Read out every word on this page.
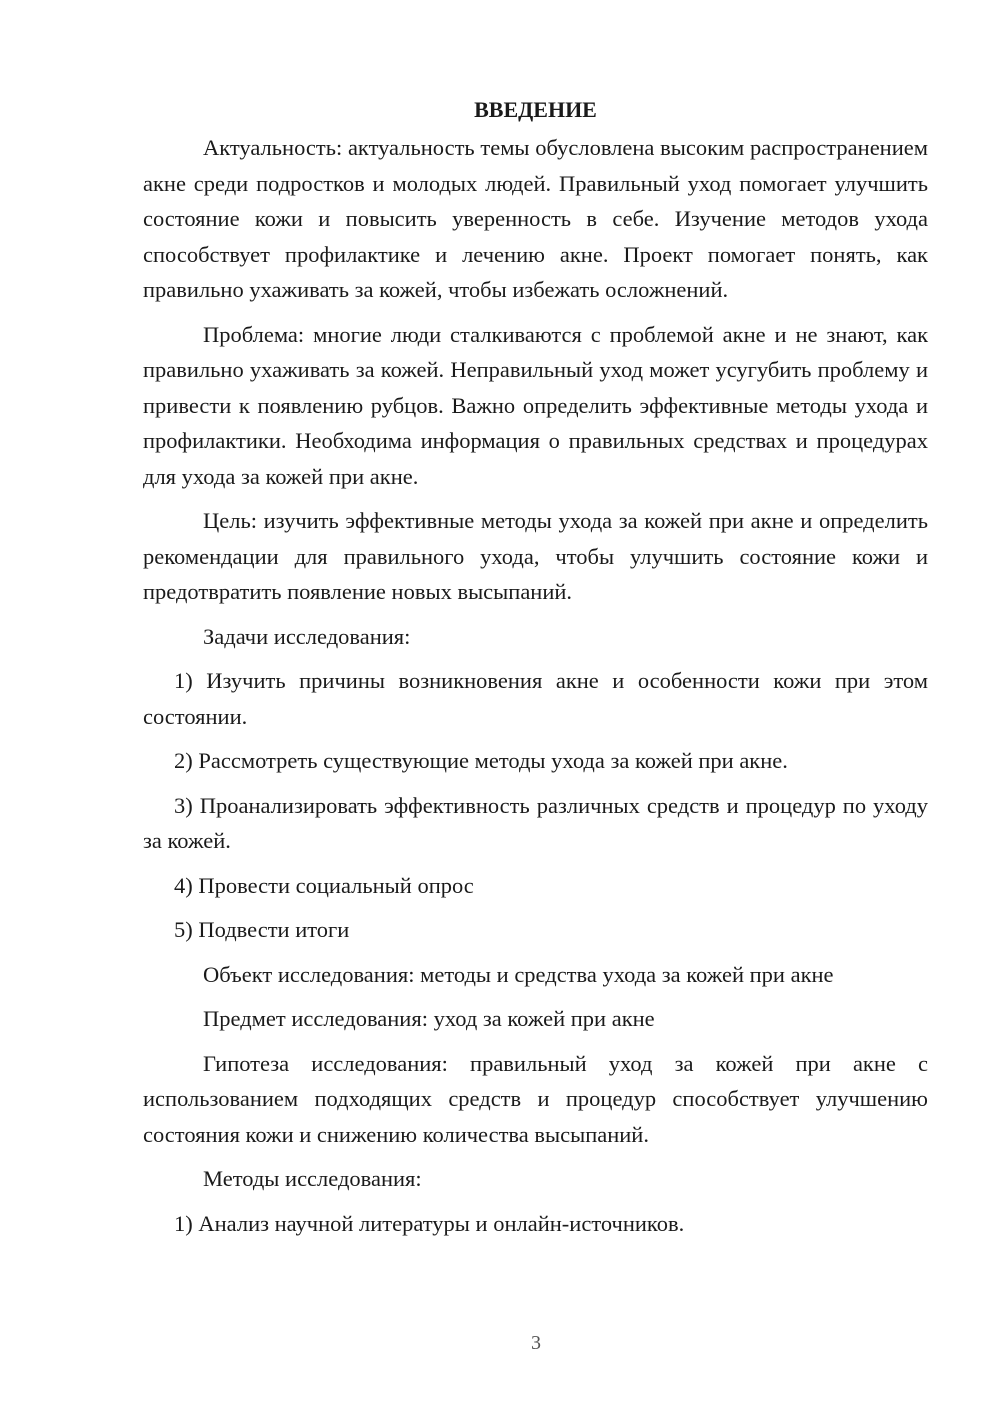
ВВЕДЕНИЕ

Актуальность: актуальность темы обусловлена высоким распространением акне среди подростков и молодых людей. Правильный уход помогает улучшить состояние кожи и повысить уверенность в себе. Изучение методов ухода способствует профилактике и лечению акне. Проект помогает понять, как правильно ухаживать за кожей, чтобы избежать осложнений.

Проблема: многие люди сталкиваются с проблемой акне и не знают, как правильно ухаживать за кожей. Неправильный уход может усугубить проблему и привести к появлению рубцов. Важно определить эффективные методы ухода и профилактики. Необходима информация о правильных средствах и процедурах для ухода за кожей при акне.

Цель: изучить эффективные методы ухода за кожей при акне и определить рекомендации для правильного ухода, чтобы улучшить состояние кожи и предотвратить появление новых высыпаний.

Задачи исследования:

1) Изучить причины возникновения акне и особенности кожи при этом состоянии.

2) Рассмотреть существующие методы ухода за кожей при акне.

3) Проанализировать эффективность различных средств и процедур по уходу за кожей.

4) Провести социальный опрос

5) Подвести итоги

Объект исследования: методы и средства ухода за кожей при акне

Предмет исследования: уход за кожей при акне

Гипотеза исследования: правильный уход за кожей при акне с использованием подходящих средств и процедур способствует улучшению состояния кожи и снижению количества высыпаний.

Методы исследования:

1) Анализ научной литературы и онлайн-источников.

3
